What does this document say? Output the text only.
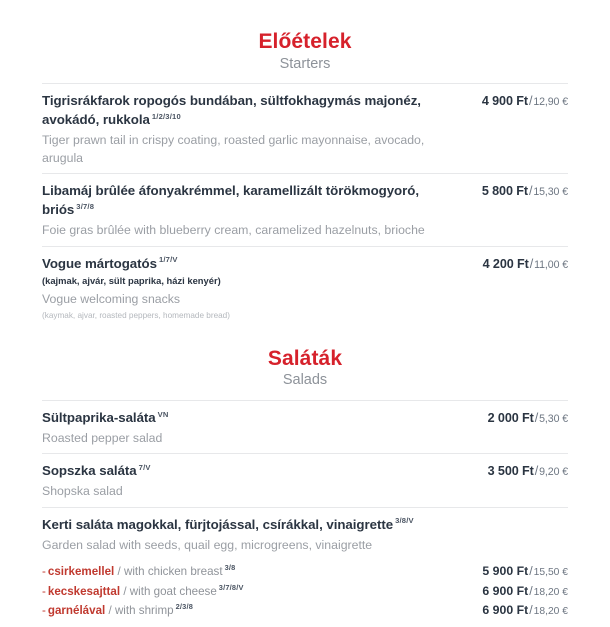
Előételek
Starters
Tigrisrákfarok ropogós bundában, sültfokhagymás majonéz, avokádó, rukkola $^{1/2/3/10}$
Tiger prawn tail in crispy coating, roasted garlic mayonnaise, avocado, arugula
4 900 Ft/12,90 €
Libamáj brûlée áfonyakrémmel, karamellizált törökmogyoró, briós $^{3/7/8}$
Foie gras brûlée with blueberry cream, caramelized hazelnuts, brioche
5 800 Ft/15,30 €
Vogue mártogatós $^{1/7/V}$
(kajmak, ajvár, sült paprika, házi kenyér)
Vogue welcoming snacks
(kaymak, ajvar, roasted peppers, homemade bread)
4 200 Ft/11,00 €
Saláták
Salads
Sültpaprika-saláta $^{VN}$
Roasted pepper salad
2 000 Ft/5,30 €
Sopszka saláta $^{7/V}$
Shopska salad
3 500 Ft/9,20 €
Kerti saláta magokkal, fürjtojással, csírákkal, vinaigrette $^{3/8/V}$
Garden salad with seeds, quail egg, microgreens, vinaigrette
- csirkemellel / with chicken breast $^{3/8}$	5 900 Ft/15,50 €
- kecskesajttal / with goat cheese $^{3/7/8/V}$	6 900 Ft/18,20 €
- garnélával / with shrimp $^{2/3/8}$	6 900 Ft/18,20 €
